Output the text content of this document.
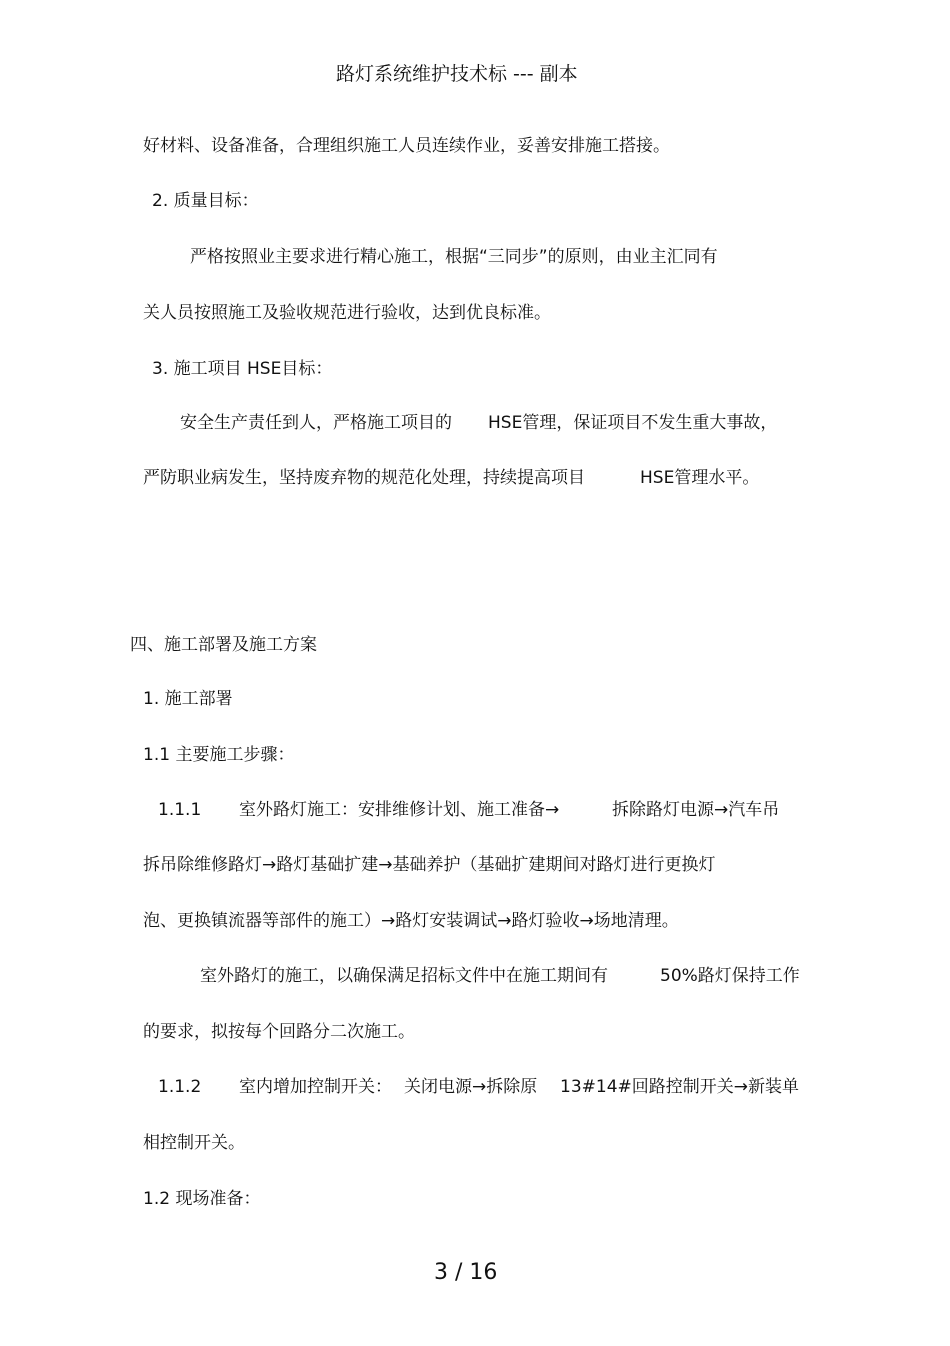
路灯系统维护技术标 --- 副本
好材料、设备准备，合理组织施工人员连续作业，妥善安排施工搭接。
2. 质量目标：
严格按照业主要求进行精心施工，根据“三同步”的原则，由业主汇同有
关人员按照施工及验收规范进行验收，达到优良标准。
3. 施工项目 HSE目标：
安全生产责任到人，严格施工项目的 HSE管理，保证项目不发生重大事故，
严防职业病发生，坚持废弃物的规范化处理，持续提高项目	HSE管理水平。
四、施工部署及施工方案
1. 施工部署
1.1 主要施工步骤：
1.1.1 室外路灯施工：安排维修计划、施工准备→	拆除路灯电源→汽车吊
拆吊除维修路灯→路灯基础扩建→基础养护（基础扩建期间对路灯进行更换灯
泡、更换镇流器等部件的施工）→路灯安装调试→路灯验收→场地清理。
室外路灯的施工，以确保满足招标文件中在施工期间有	50%路灯保持工作
的要求，拟按每个回路分二次施工。
1.1.2 室内增加控制开关： 关闭电源→拆除原 13#14#回路控制开关→新装单
相控制开关。
1.2 现场准备：
3 / 16
